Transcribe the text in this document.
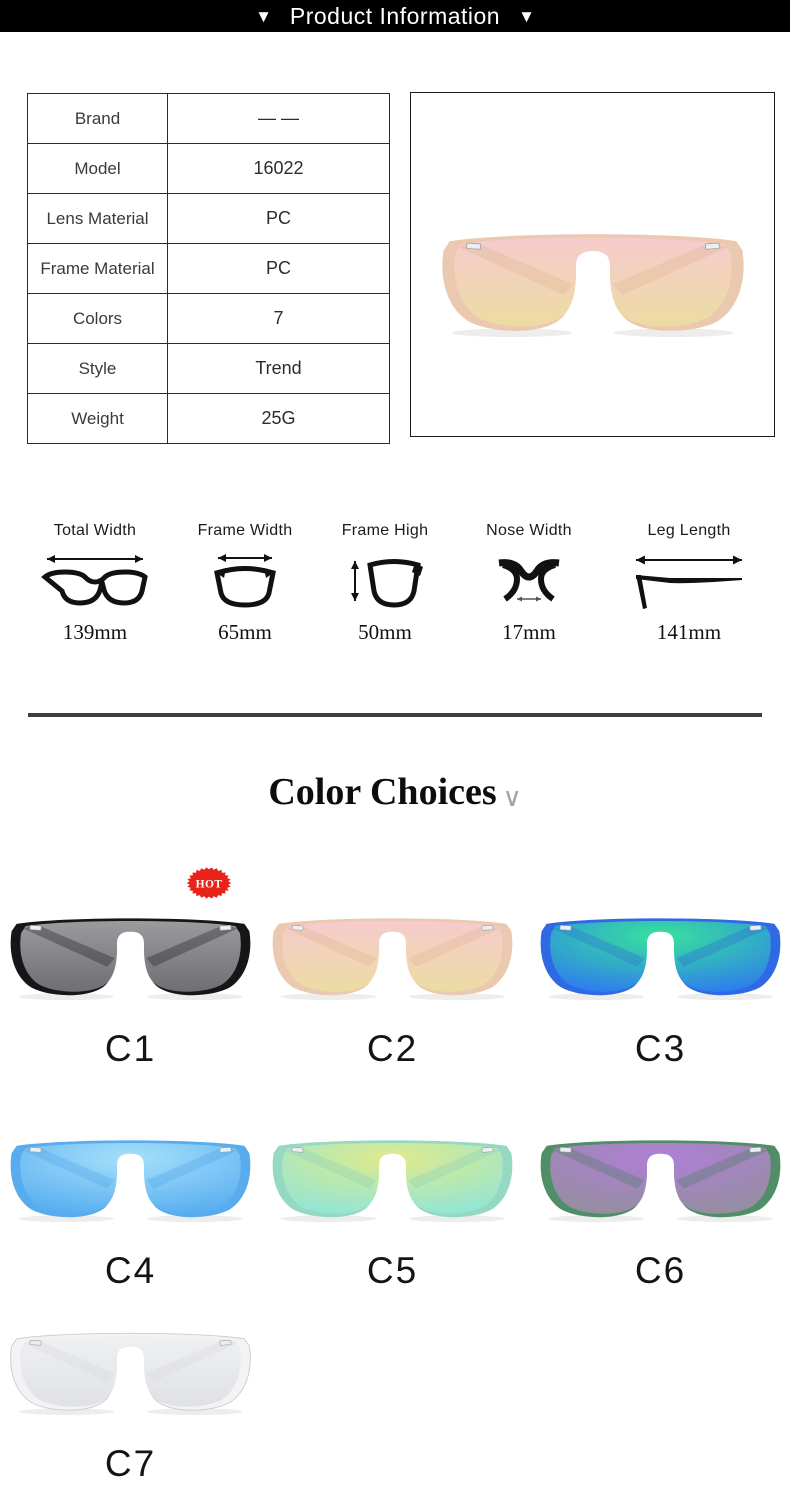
▼ Product Information ▼
Brand	— —
Model	16022
Lens Material	PC
Frame Material	PC
Colors	7
Style	Trend
Weight	25G
Total Width
139mm
Frame Width
65mm
Frame High
50mm
Nose Width
17mm
Leg Length
141mm
Color Choices ∨
HOT
C1	C2	C3
C4	C5	C6
C7
